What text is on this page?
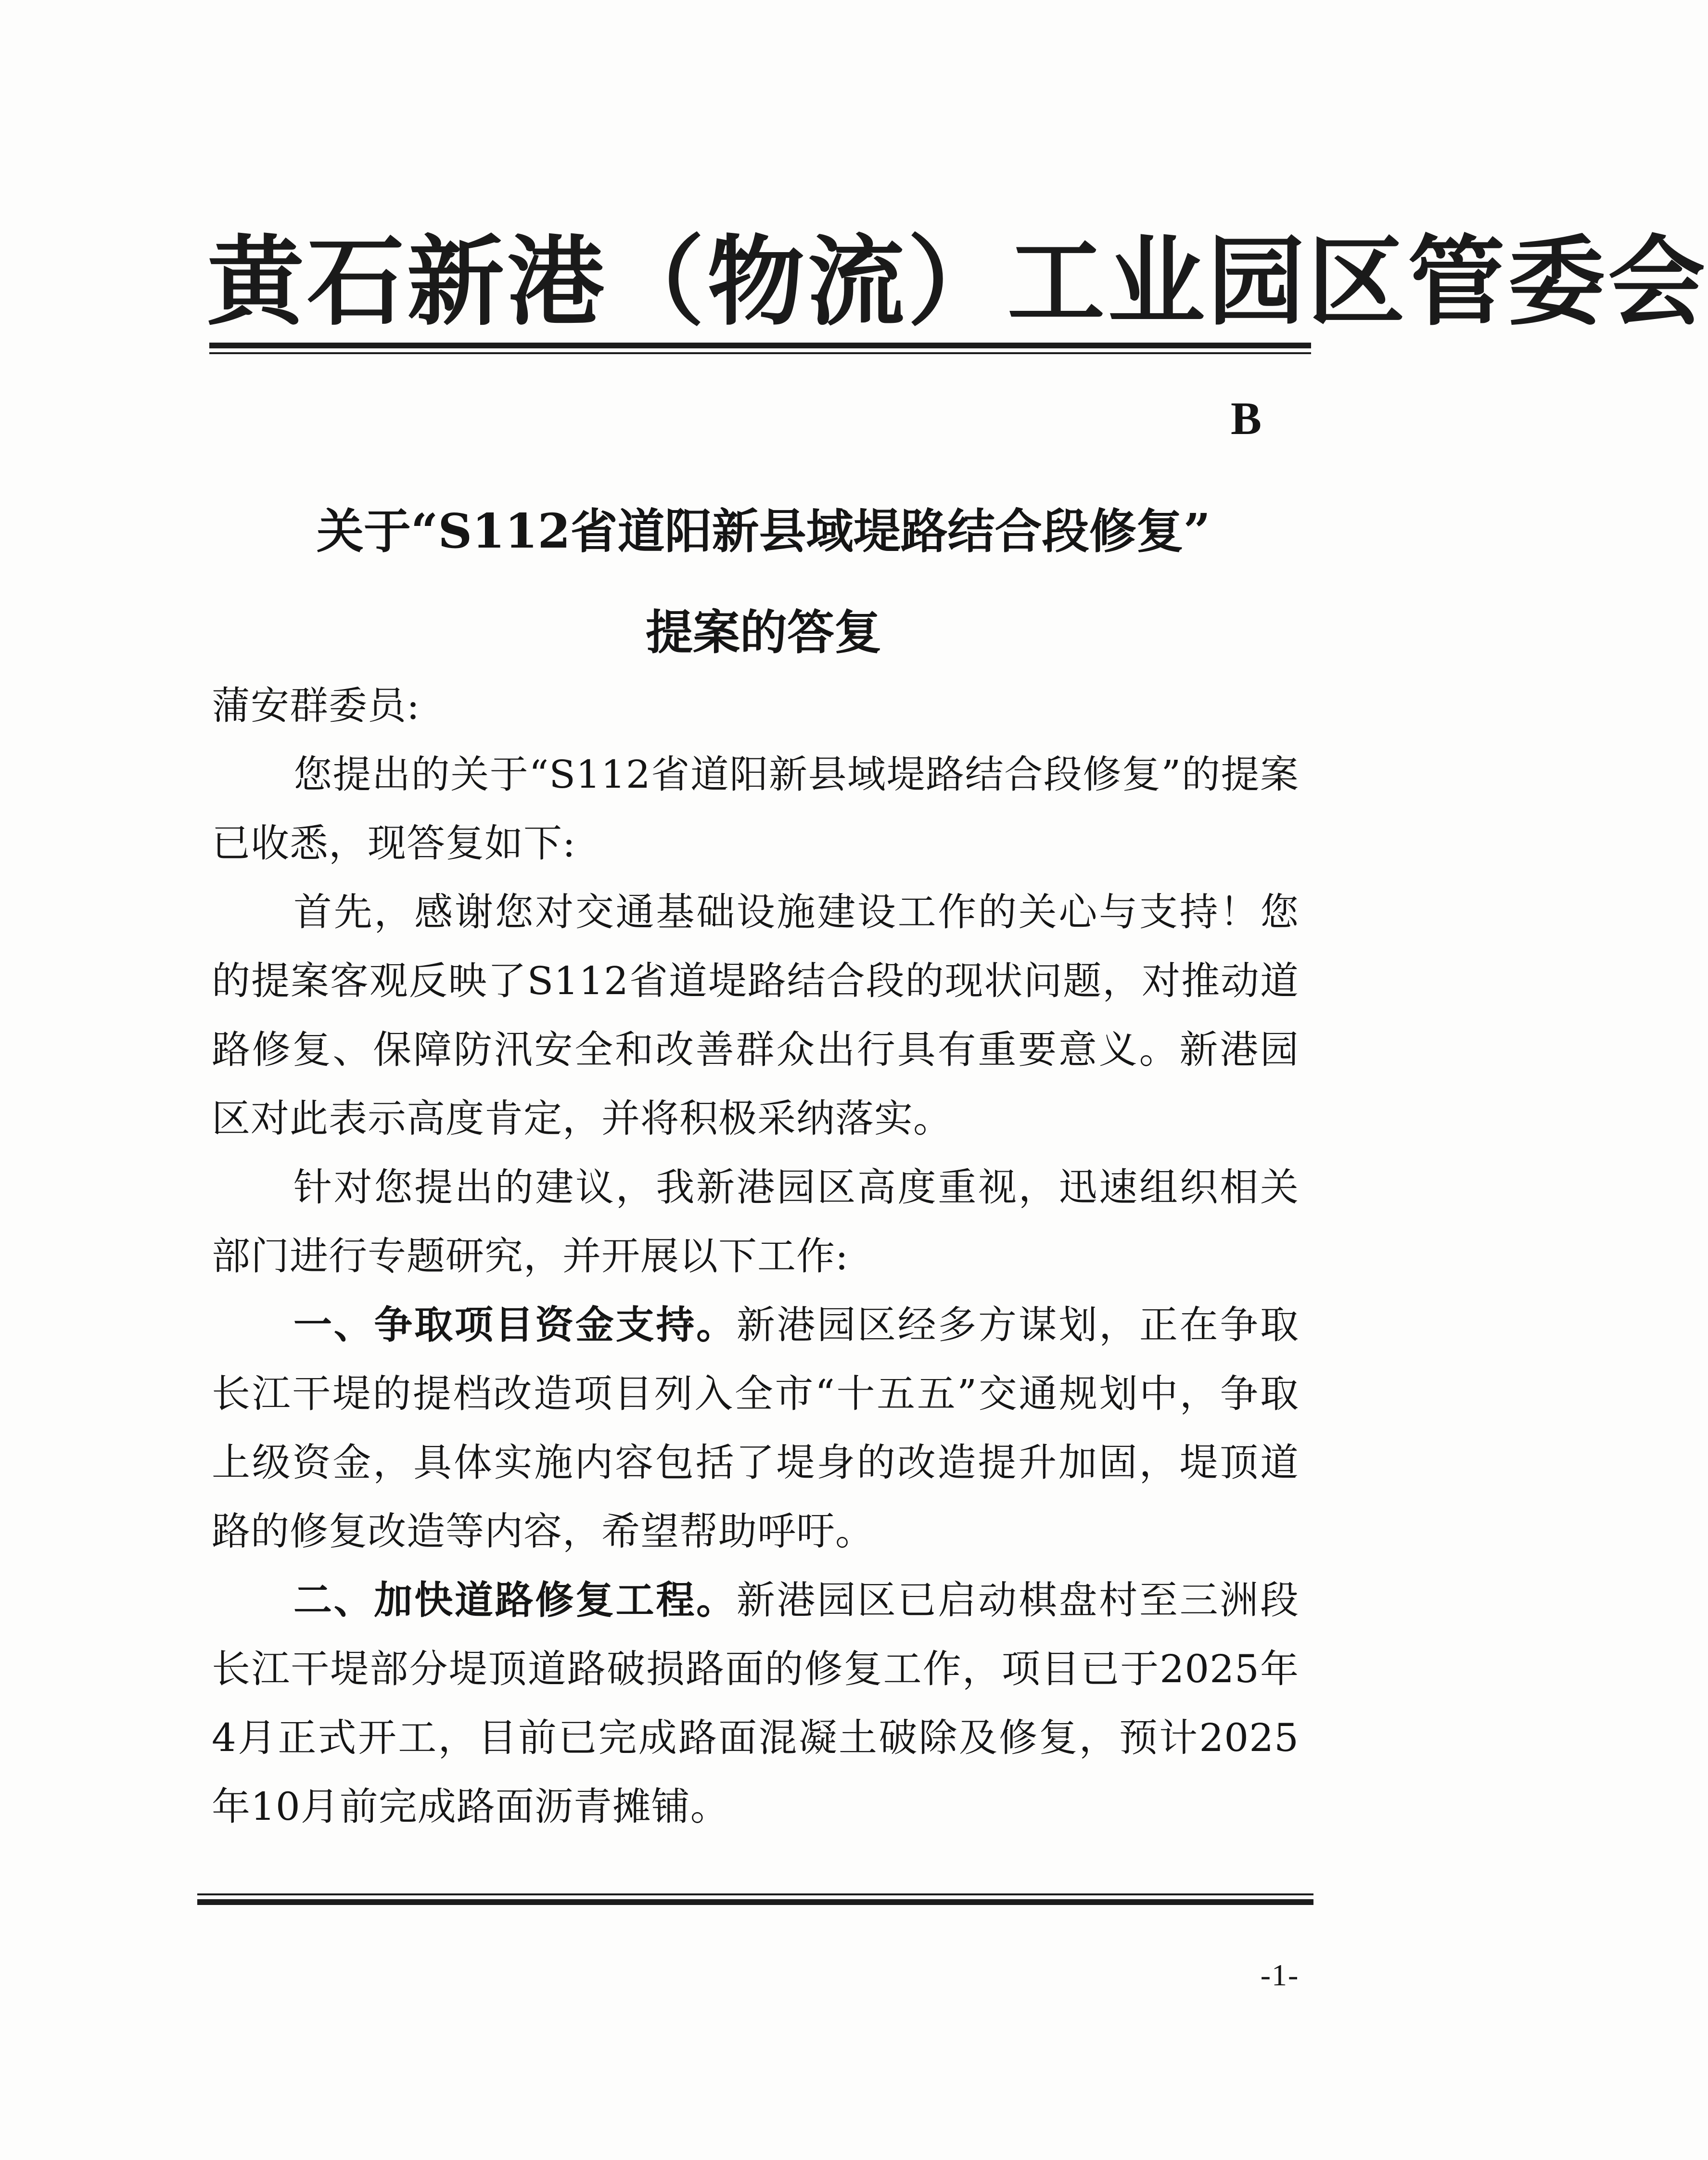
黄石新港（物流）工业园区管委会
B
关于“S112省道阳新县域堤路结合段修复”
提案的答复

蒲安群委员:

您提出的关于“S112省道阳新县域堤路结合段修复”的提案已收悉，现答复如下:

首先，感谢您对交通基础设施建设工作的关心与支持！您的提案客观反映了S112省道堤路结合段的现状问题，对推动道路修复、保障防汛安全和改善群众出行具有重要意义。新港园区对此表示高度肯定，并将积极采纳落实。

针对您提出的建议，我新港园区高度重视，迅速组织相关部门进行专题研究，并开展以下工作:

一、争取项目资金支持。新港园区经多方谋划，正在争取长江干堤的提档改造项目列入全市“十五五”交通规划中，争取上级资金，具体实施内容包括了堤身的改造提升加固，堤顶道路的修复改造等内容，希望帮助呼吁。

二、加快道路修复工程。新港园区已启动棋盘村至三洲段长江干堤部分堤顶道路破损路面的修复工作，项目已于2025年4月正式开工，目前已完成路面混凝土破除及修复，预计2025年10月前完成路面沥青摊铺。

-1-
